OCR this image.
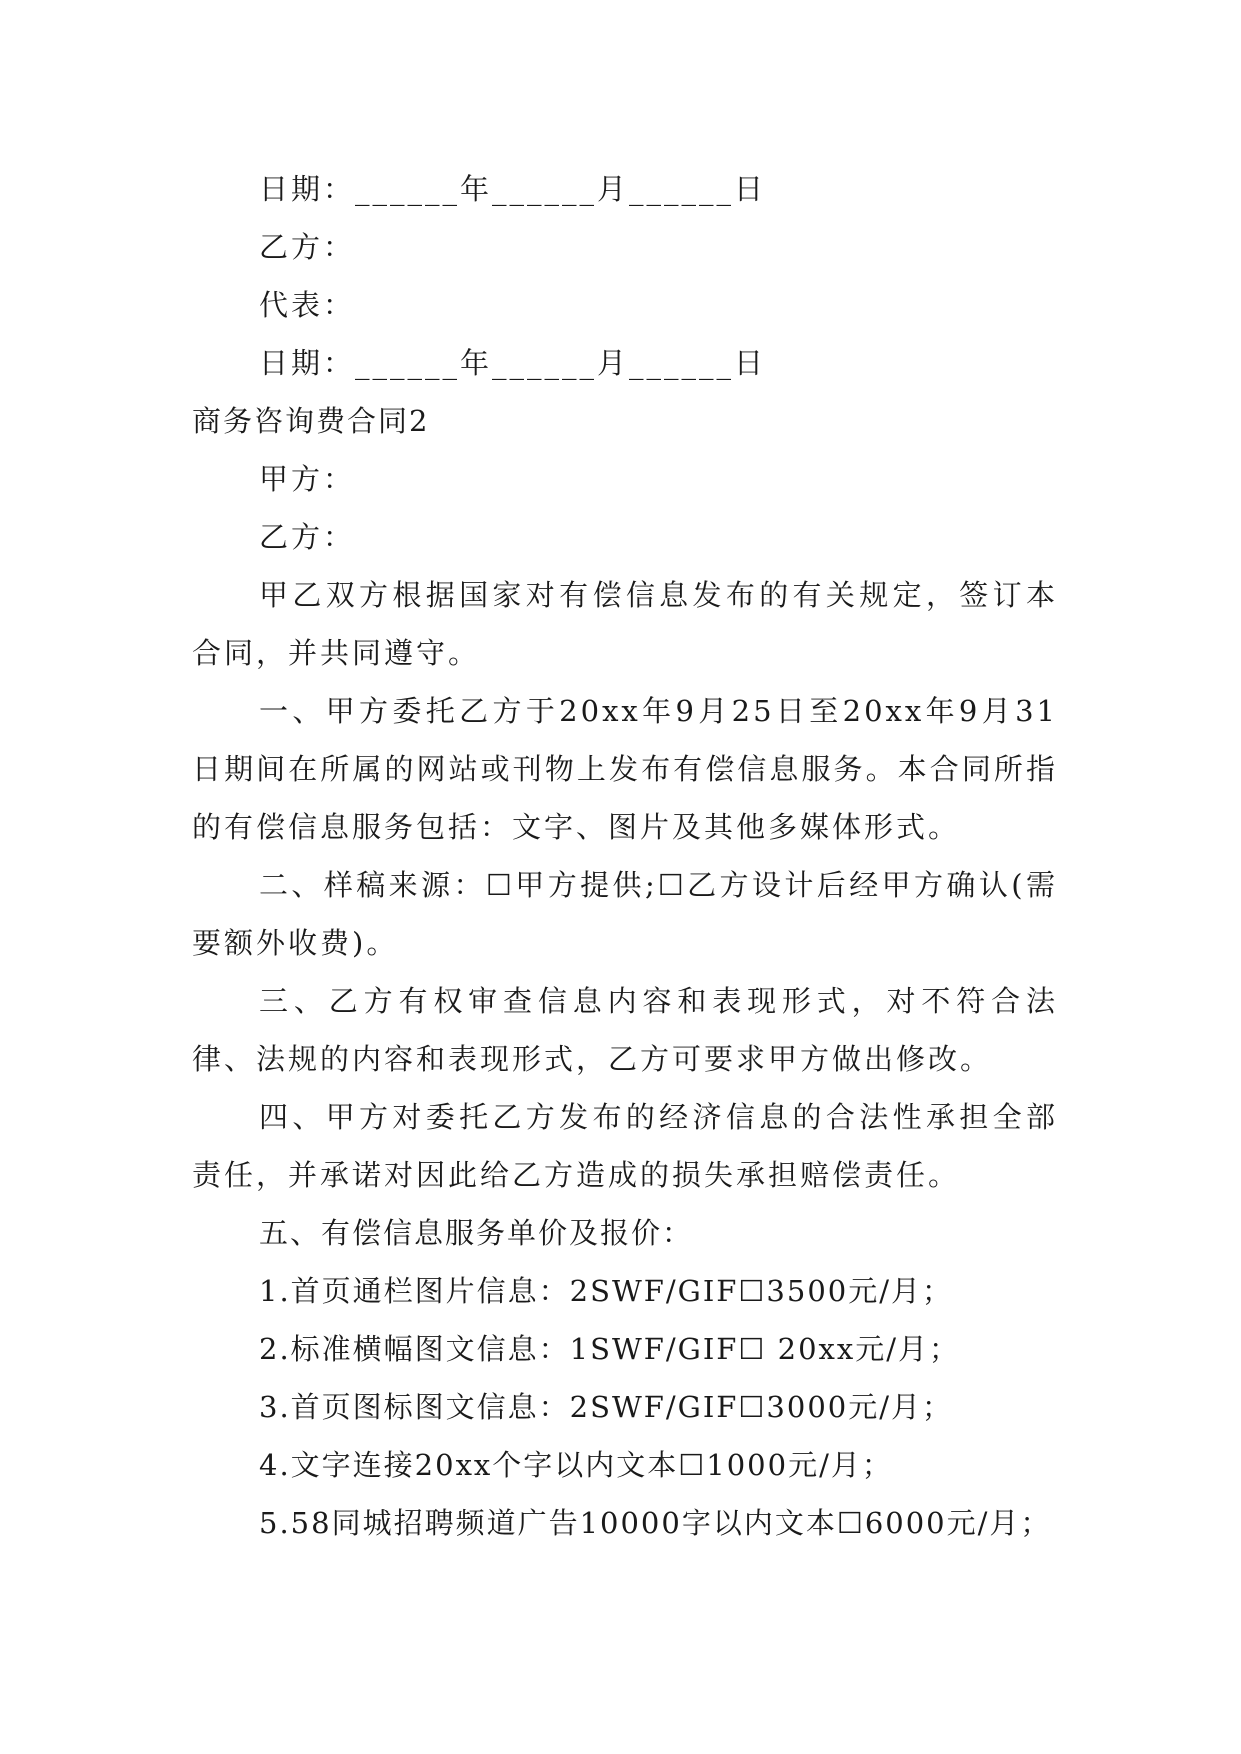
日期：______年______月______日
乙方：
代表：
日期：______年______月______日
商务咨询费合同2
甲方：
乙方：
甲乙双方根据国家对有偿信息发布的有关规定，签订本合同，并共同遵守。
一、甲方委托乙方于20xx年9月25日至20xx年9月31日期间在所属的网站或刊物上发布有偿信息服务。本合同所指的有偿信息服务包括：文字、图片及其他多媒体形式。
二、样稿来源：☐甲方提供;☐乙方设计后经甲方确认(需要额外收费)。
三、乙方有权审查信息内容和表现形式，对不符合法律、法规的内容和表现形式，乙方可要求甲方做出修改。
四、甲方对委托乙方发布的经济信息的合法性承担全部责任，并承诺对因此给乙方造成的损失承担赔偿责任。
五、有偿信息服务单价及报价：
1.首页通栏图片信息：2SWF/GIF☐3500元/月；
2.标准横幅图文信息：1SWF/GIF☐ 20xx元/月；
3.首页图标图文信息：2SWF/GIF☐3000元/月；
4.文字连接20xx个字以内文本☐1000元/月；
5.58同城招聘频道广告10000字以内文本☐6000元/月；
